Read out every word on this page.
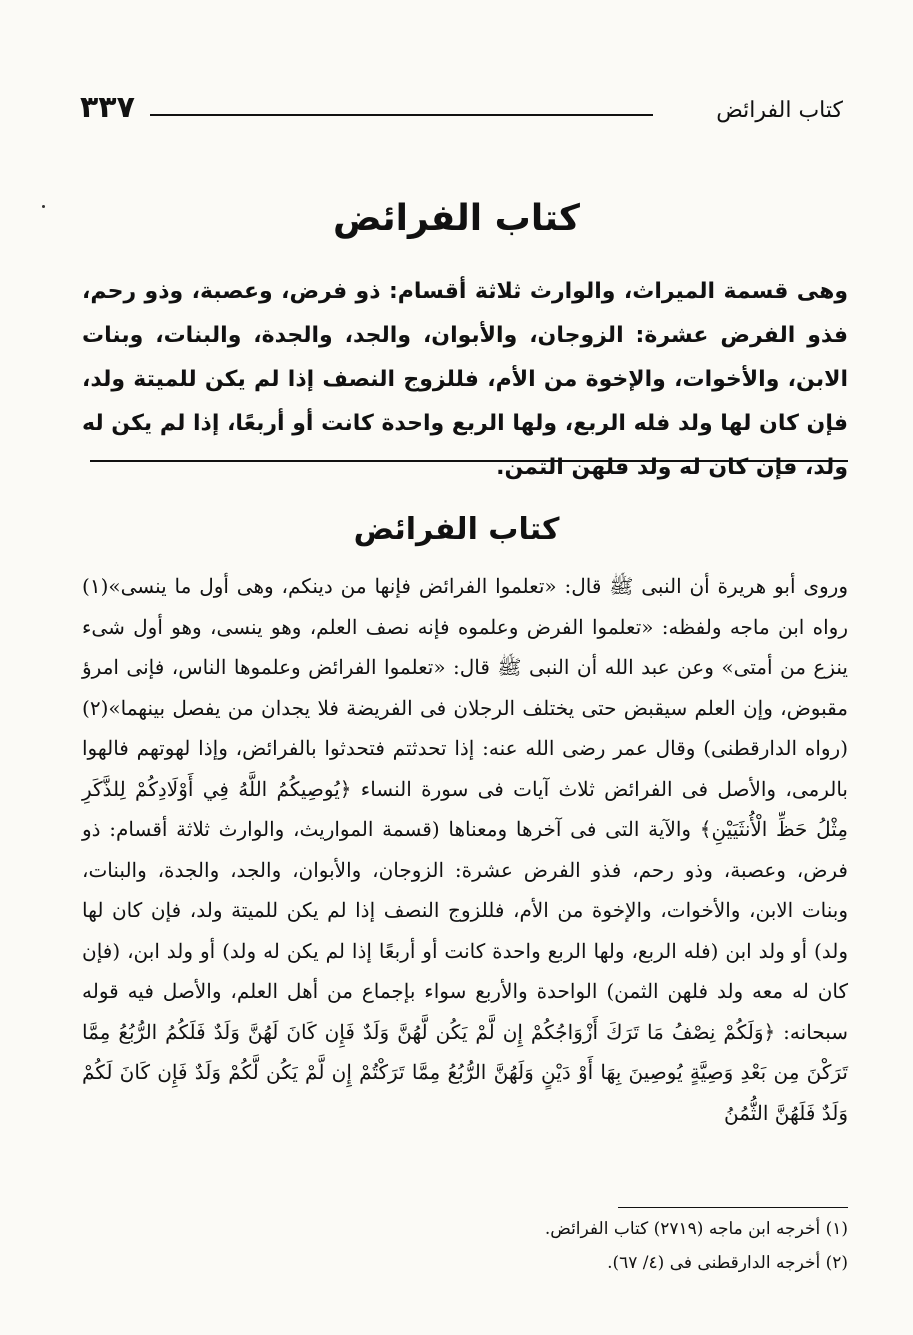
كتاب الفرائض
٣٣٧
كتاب الفرائض
وهى قسمة الميراث، والوارث ثلاثة أقسام: ذو فرض، وعصبة، وذو رحم، فذو الفرض عشرة: الزوجان، والأبوان، والجد، والجدة، والبنات، وبنات الابن، والأخوات، والإخوة من الأم، فللزوج النصف إذا لم يكن للميتة ولد، فإن كان لها ولد فله الربع، ولها الربع واحدة كانت أو أربعًا، إذا لم يكن له ولد، فإن كان له ولد فلهن الثمن.
كتاب الفرائض

وروى أبو هريرة أن النبى ﷺ قال: «تعلموا الفرائض فإنها من دينكم، وهى أول ما ينسى»(١) رواه ابن ماجه ولفظه: «تعلموا الفرض وعلموه فإنه نصف العلم، وهو ينسى، وهو أول شىء ينزع من أمتى» وعن عبد الله أن النبى ﷺ قال: «تعلموا الفرائض وعلموها الناس، فإنى امرؤ مقبوض، وإن العلم سيقبض حتى يختلف الرجلان فى الفريضة فلا يجدان من يفصل بينهما»(٢) (رواه الدارقطنى) وقال عمر رضى الله عنه: إذا تحدثتم فتحدثوا بالفرائض، وإذا لهوتهم فالهوا بالرمى، والأصل فى الفرائض ثلاث آيات فى سورة النساء ﴿يُوصِيكُمُ اللَّهُ فِي أَوْلَادِكُمْ لِلذَّكَرِ مِثْلُ حَظِّ الْأُنثَيَيْنِ﴾ والآية التى فى آخرها ومعناها (قسمة المواريث، والوارث ثلاثة أقسام: ذو فرض، وعصبة، وذو رحم، فذو الفرض عشرة: الزوجان، والأبوان، والجد، والجدة، والبنات، وبنات الابن، والأخوات، والإخوة من الأم، فللزوج النصف إذا لم يكن للميتة ولد، فإن كان لها ولد) أو ولد ابن (فله الربع، ولها الربع واحدة كانت أو أربعًا إذا لم يكن له ولد) أو ولد ابن، (فإن كان له معه ولد فلهن الثمن) الواحدة والأربع سواء بإجماع من أهل العلم، والأصل فيه قوله سبحانه: ﴿وَلَكُمْ نِصْفُ مَا تَرَكَ أَزْوَاجُكُمْ إِن لَّمْ يَكُن لَّهُنَّ وَلَدٌ فَإِن كَانَ لَهُنَّ وَلَدٌ فَلَكُمُ الرُّبُعُ مِمَّا تَرَكْنَ مِن بَعْدِ وَصِيَّةٍ يُوصِينَ بِهَا أَوْ دَيْنٍ وَلَهُنَّ الرُّبُعُ مِمَّا تَرَكْتُمْ إِن لَّمْ يَكُن لَّكُمْ وَلَدٌ فَإِن كَانَ لَكُمْ وَلَدٌ فَلَهُنَّ الثُّمُنُ

(١) أخرجه ابن ماجه (٢٧١٩) كتاب الفرائض.
(٢) أخرجه الدارقطنى فى (٤/ ٦٧).
